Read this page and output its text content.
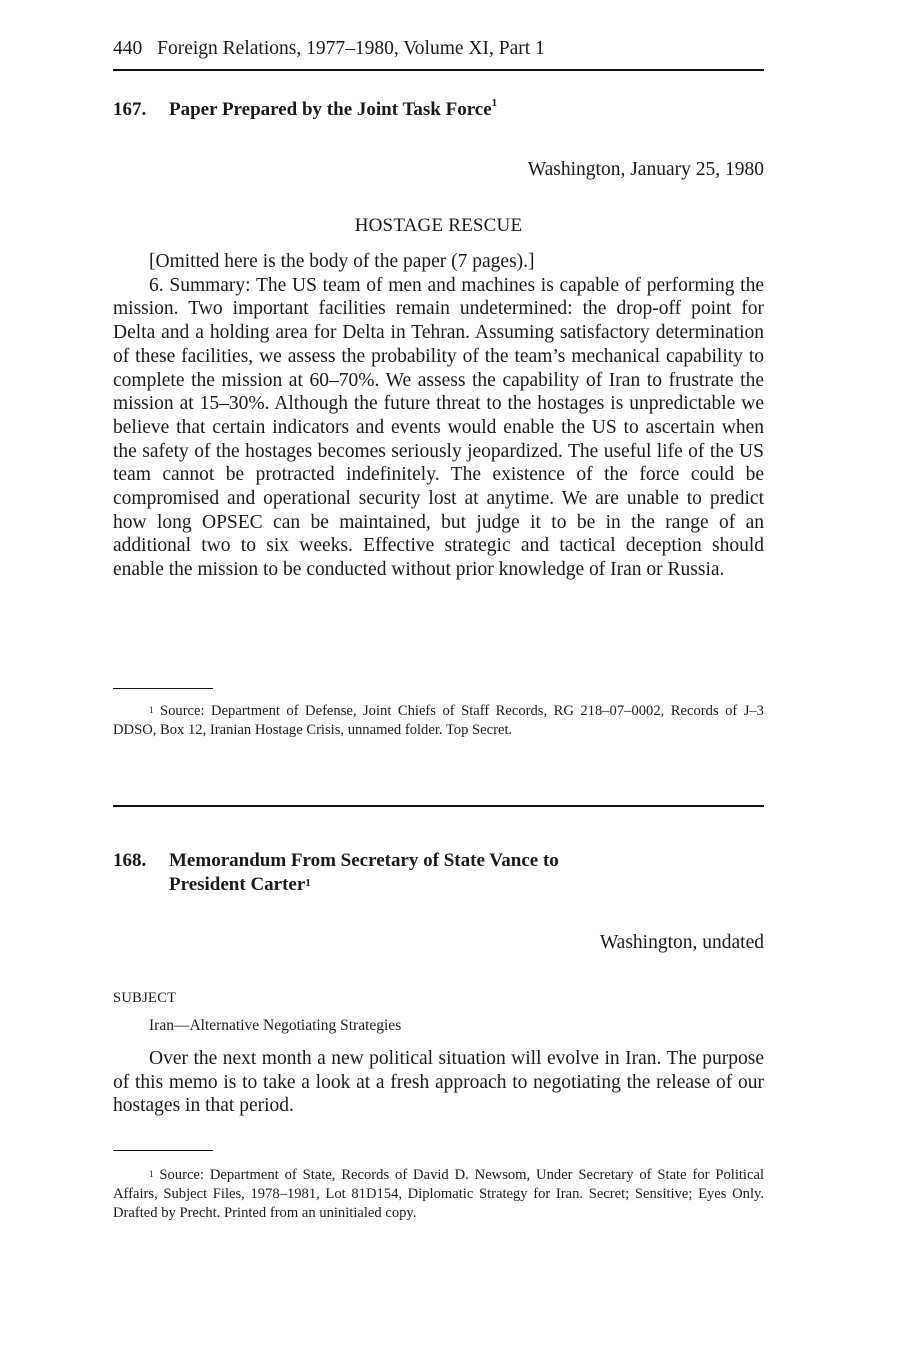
440 Foreign Relations, 1977–1980, Volume XI, Part 1
167. Paper Prepared by the Joint Task Force$^1$
Washington, January 25, 1980
HOSTAGE RESCUE

[Omitted here is the body of the paper (7 pages).]

6. Summary: The US team of men and machines is capable of performing the mission. Two important facilities remain undetermined: the drop-off point for Delta and a holding area for Delta in Tehran. Assuming satisfactory determination of these facilities, we assess the probability of the team’s mechanical capability to complete the mission at 60–70%. We assess the capability of Iran to frustrate the mission at 15–30%. Although the future threat to the hostages is unpredictable we believe that certain indicators and events would enable the US to ascertain when the safety of the hostages becomes seriously jeopardized. The useful life of the US team cannot be protracted indefinitely. The existence of the force could be compromised and operational security lost at anytime. We are unable to predict how long OPSEC can be maintained, but judge it to be in the range of an additional two to six weeks. Effective strategic and tactical deception should enable the mission to be conducted without prior knowledge of Iran or Russia.

$^1$ Source: Department of Defense, Joint Chiefs of Staff Records, RG 218–07–0002, Records of J–3 DDSO, Box 12, Iranian Hostage Crisis, unnamed folder. Top Secret.

168. Memorandum From Secretary of State Vance to
President Carter$^1$
Washington, undated
SUBJECT
Iran—Alternative Negotiating Strategies

Over the next month a new political situation will evolve in Iran. The purpose of this memo is to take a look at a fresh approach to negotiating the release of our hostages in that period.

$^1$ Source: Department of State, Records of David D. Newsom, Under Secretary of State for Political Affairs, Subject Files, 1978–1981, Lot 81D154, Diplomatic Strategy for Iran. Secret; Sensitive; Eyes Only. Drafted by Precht. Printed from an uninitialed copy.
